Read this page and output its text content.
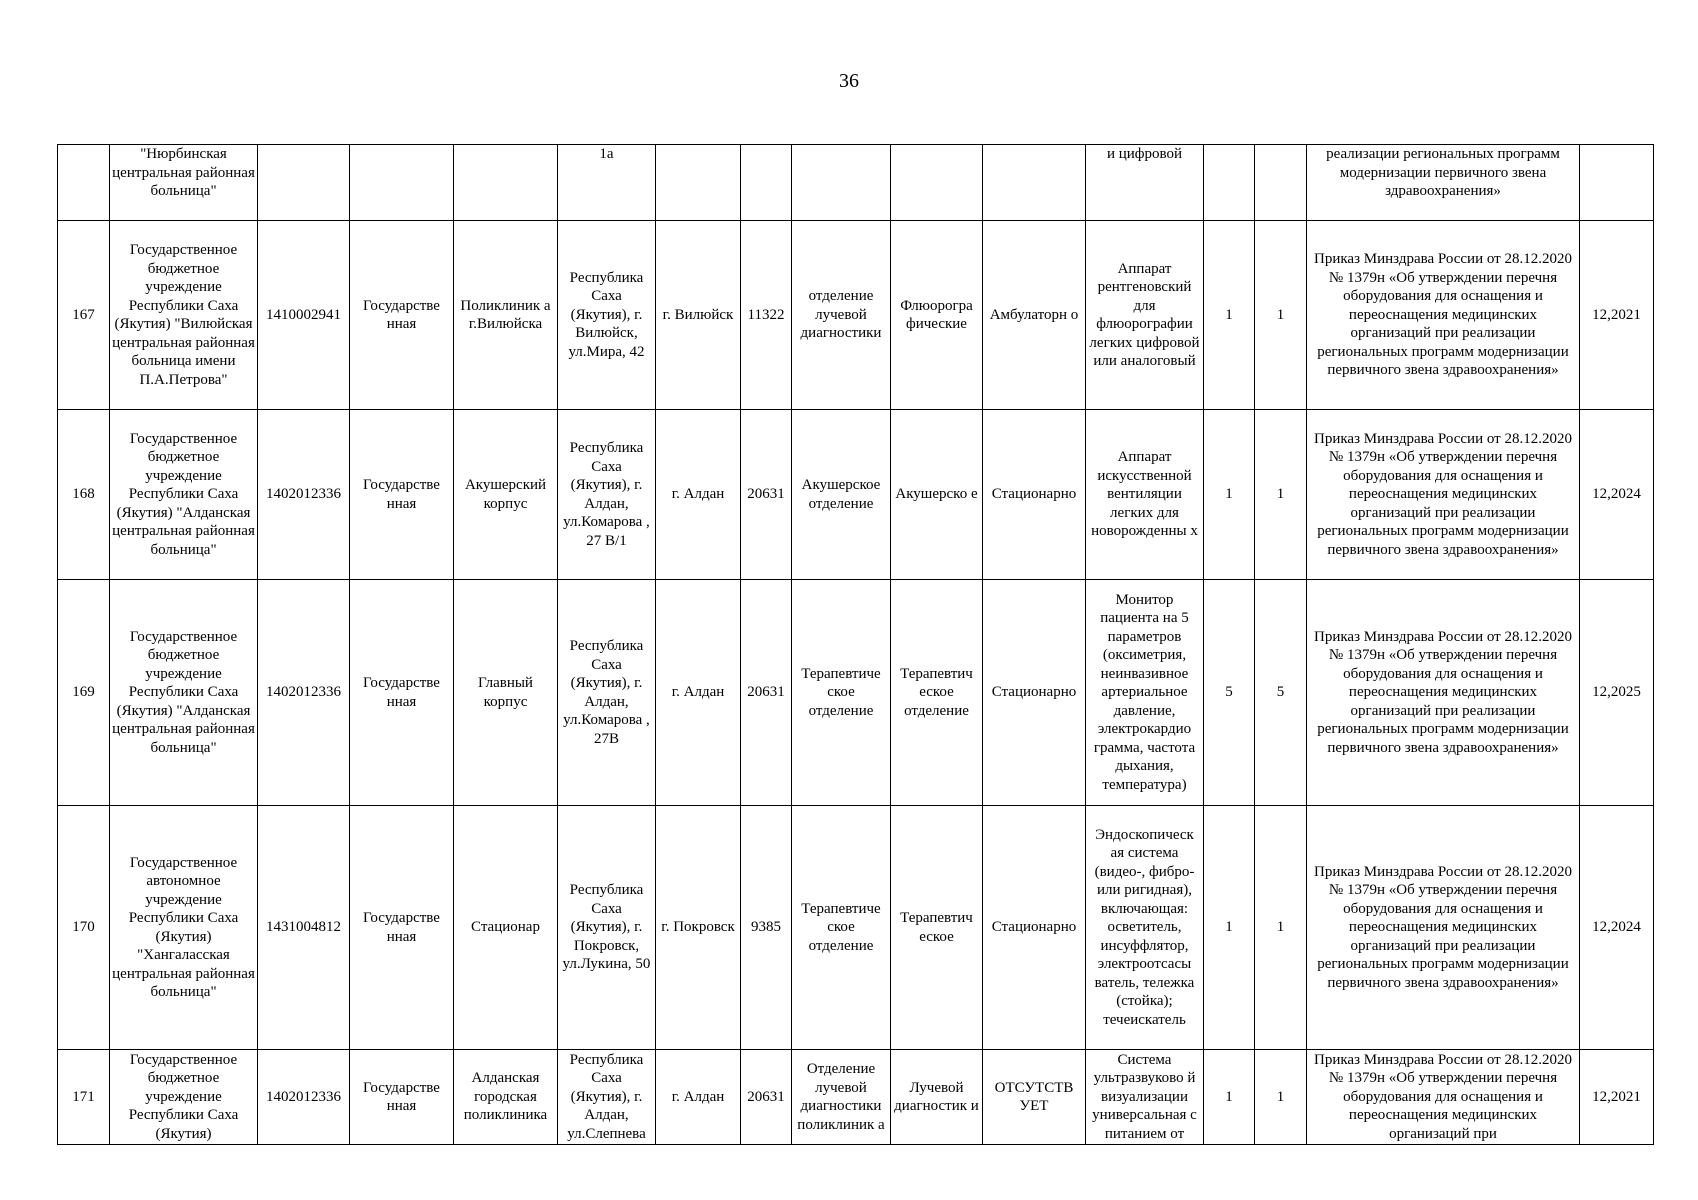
36
	"Нюрбинская центральная районная больница"				1а						и цифровой			реализации региональных программ модернизации первичного звена здравоохранения»	
167	Государственное бюджетное учреждение Республики Саха (Якутия) "Вилюйская центральная районная больница имени П.А.Петрова"	1410002941	Государстве нная	Поликлиник а г.Вилюйска	Республика Саха (Якутия), г. Вилюйск, ул.Мира, 42	г. Вилюйск	11322	отделение лучевой диагностики	Флюорогра фические	Амбулаторн о	Аппарат рентгеновский для флюорографии легких цифровой или аналоговый	1	1	Приказ Минздрава России от 28.12.2020 № 1379н «Об утверждении перечня оборудования для оснащения и переоснащения медицинских организаций при реализации региональных программ модернизации первичного звена здравоохранения»	12,2021
168	Государственное бюджетное учреждение Республики Саха (Якутия) "Алданская центральная районная больница"	1402012336	Государстве нная	Акушерский корпус	Республика Саха (Якутия), г. Алдан, ул.Комарова , 27 В/1	г. Алдан	20631	Акушерское отделение	Акушерско е	Стационарно	Аппарат искусственной вентиляции легких для новорожденны х	1	1	Приказ Минздрава России от 28.12.2020 № 1379н «Об утверждении перечня оборудования для оснащения и переоснащения медицинских организаций при реализации региональных программ модернизации первичного звена здравоохранения»	12,2024
169	Государственное бюджетное учреждение Республики Саха (Якутия) "Алданская центральная районная больница"	1402012336	Государстве нная	Главный корпус	Республика Саха (Якутия), г. Алдан, ул.Комарова , 27В	г. Алдан	20631	Терапевтиче ское отделение	Терапевтич еское отделение	Стационарно	Монитор пациента на 5 параметров (оксиметрия, неинвазивное артериальное давление, электрокардио грамма, частота дыхания, температура)	5	5	Приказ Минздрава России от 28.12.2020 № 1379н «Об утверждении перечня оборудования для оснащения и переоснащения медицинских организаций при реализации региональных программ модернизации первичного звена здравоохранения»	12,2025
170	Государственное автономное учреждение Республики Саха (Якутия) "Хангаласская центральная районная больница"	1431004812	Государстве нная	Стационар	Республика Саха (Якутия), г. Покровск, ул.Лукина, 50	г. Покровск	9385	Терапевтиче ское отделение	Терапевтич еское	Стационарно	Эндоскопическ ая система (видео-, фибро- или ригидная), включающая: осветитель, инсуффлятор, электроотсасы ватель, тележка (стойка); течеискатель	1	1	Приказ Минздрава России от 28.12.2020 № 1379н «Об утверждении перечня оборудования для оснащения и переоснащения медицинских организаций при реализации региональных программ модернизации первичного звена здравоохранения»	12,2024
171	Государственное бюджетное учреждение Республики Саха (Якутия)	1402012336	Государстве нная	Алданская городская поликлиника	Республика Саха (Якутия), г. Алдан, ул.Слепнева	г. Алдан	20631	Отделение лучевой диагностики поликлиник а	Лучевой диагностик и	ОТСУТСТВ УЕТ	Система ультразвуково й визуализации универсальная с питанием от	1	1	Приказ Минздрава России от 28.12.2020 № 1379н «Об утверждении перечня оборудования для оснащения и переоснащения медицинских организаций при	12,2021
